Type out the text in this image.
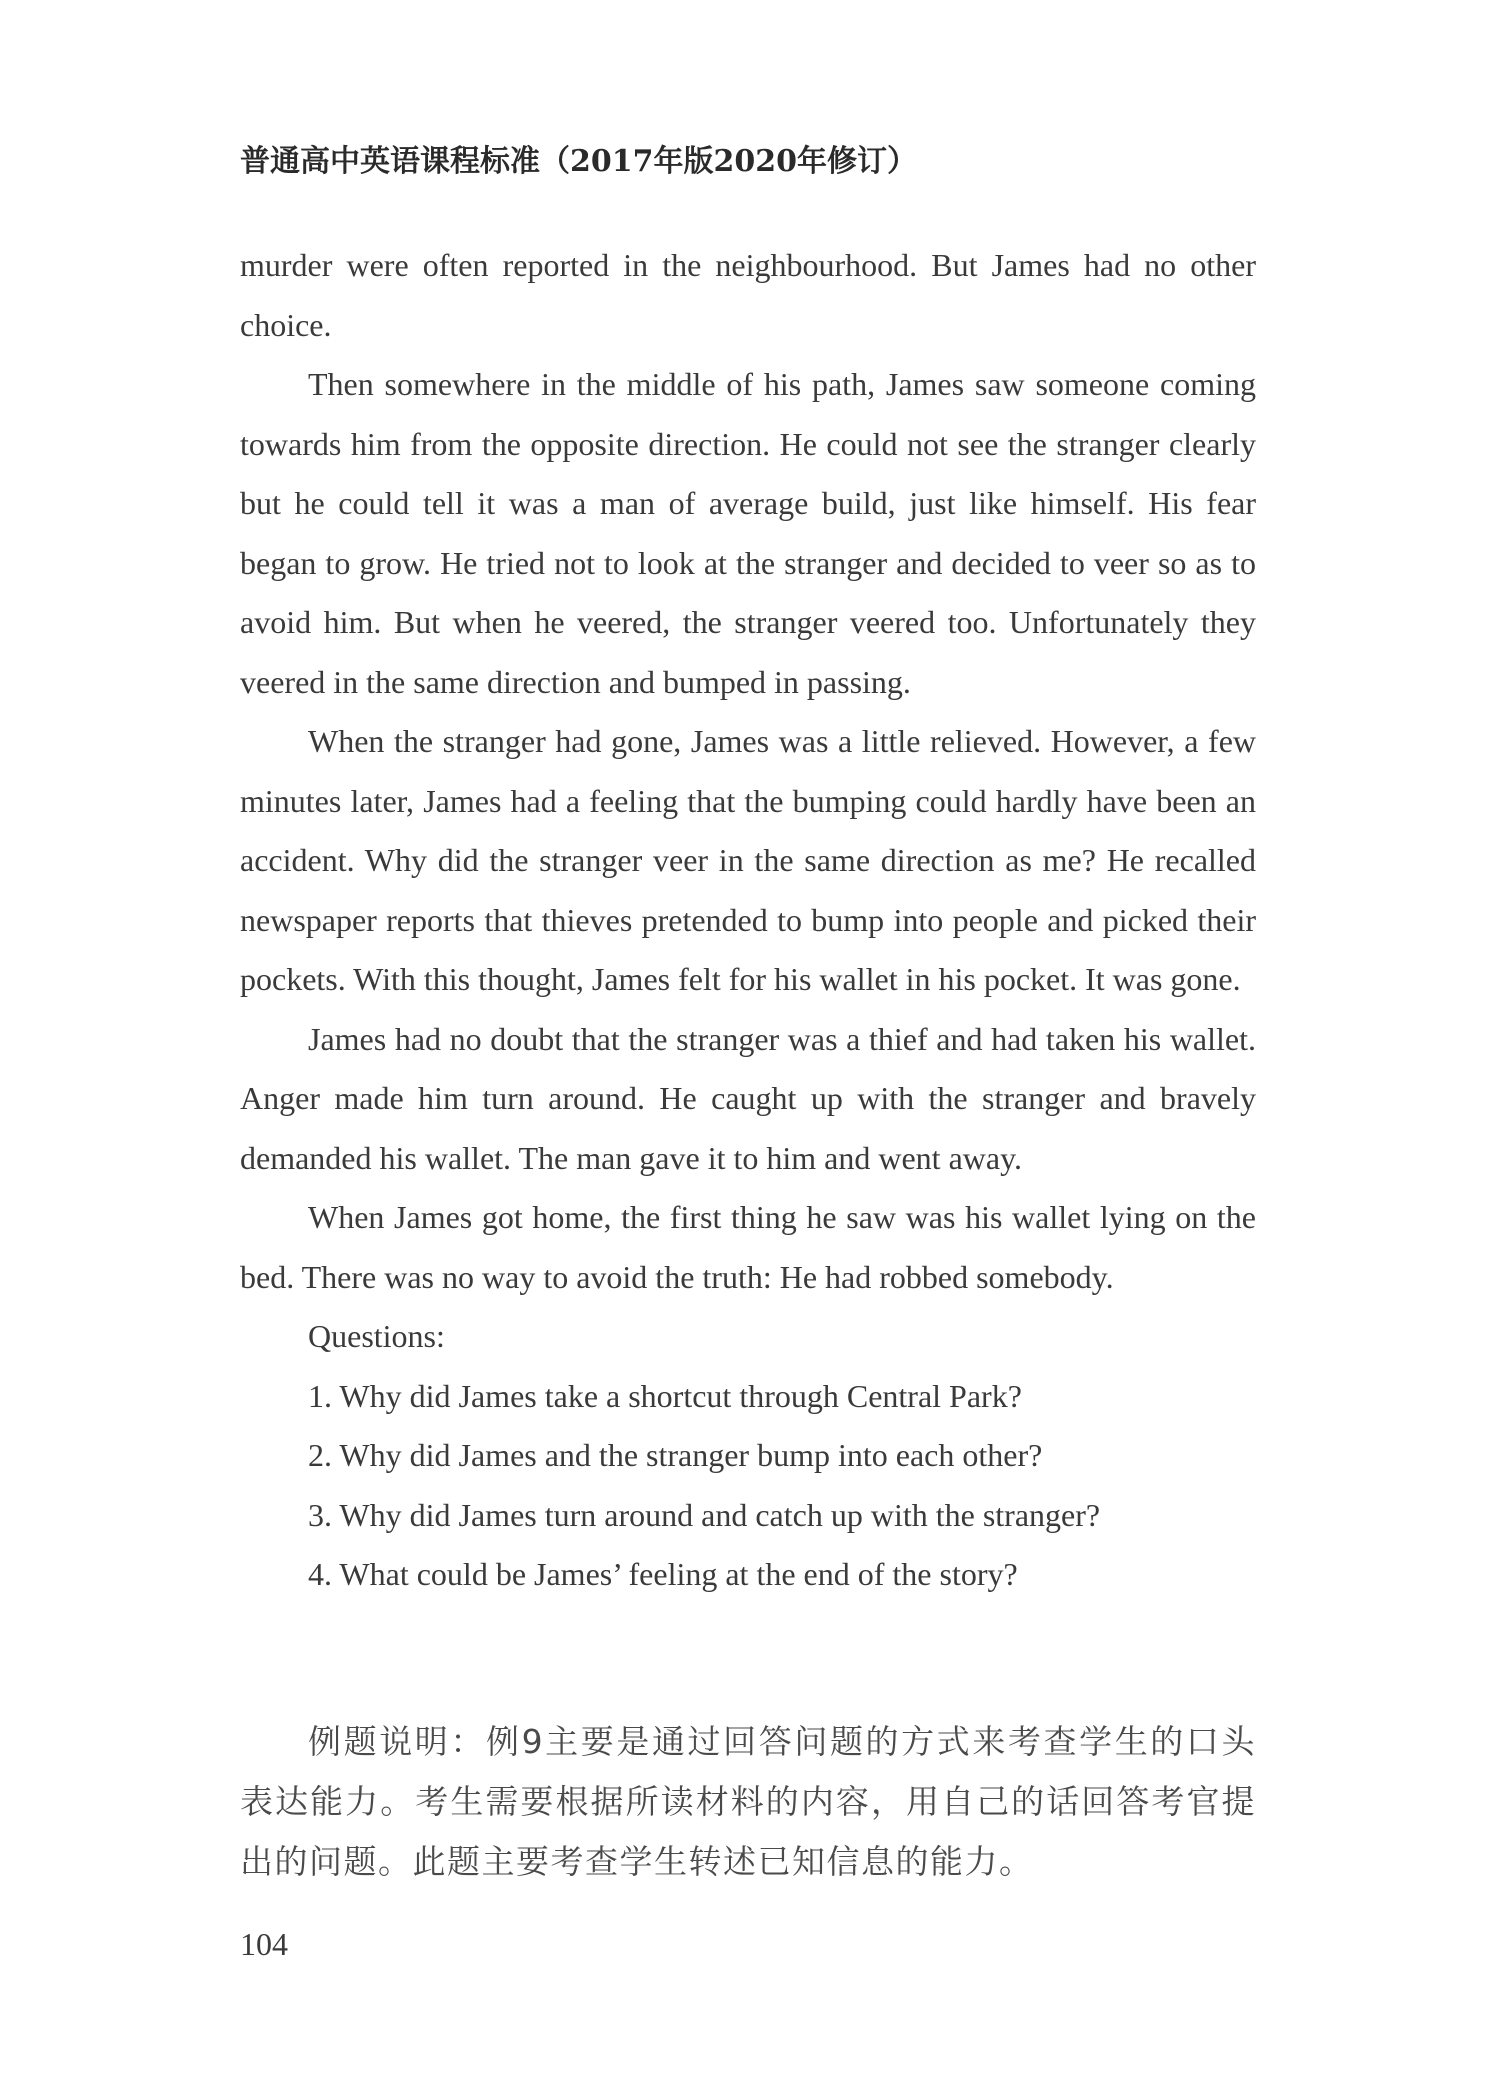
普通高中英语课程标准（2017年版2020年修订）

murder were often reported in the neighbourhood. But James had no other choice.

Then somewhere in the middle of his path, James saw someone coming towards him from the opposite direction. He could not see the stranger clearly but he could tell it was a man of average build, just like himself. His fear began to grow. He tried not to look at the stranger and decided to veer so as to avoid him. But when he veered, the stranger veered too. Unfortunately they veered in the same direction and bumped in passing.

When the stranger had gone, James was a little relieved. However, a few minutes later, James had a feeling that the bumping could hardly have been an accident. Why did the stranger veer in the same direction as me? He recalled newspaper reports that thieves pretended to bump into people and picked their pockets. With this thought, James felt for his wallet in his pocket. It was gone.

James had no doubt that the stranger was a thief and had taken his wallet. Anger made him turn around. He caught up with the stranger and bravely demanded his wallet. The man gave it to him and went away.

When James got home, the first thing he saw was his wallet lying on the bed. There was no way to avoid the truth: He had robbed somebody.

Questions:

1. Why did James take a shortcut through Central Park?

2. Why did James and the stranger bump into each other?

3. Why did James turn around and catch up with the stranger?

4. What could be James’ feeling at the end of the story?

例题说明：例9主要是通过回答问题的方式来考查学生的口头表达能力。考生需要根据所读材料的内容，用自己的话回答考官提出的问题。此题主要考查学生转述已知信息的能力。
104
